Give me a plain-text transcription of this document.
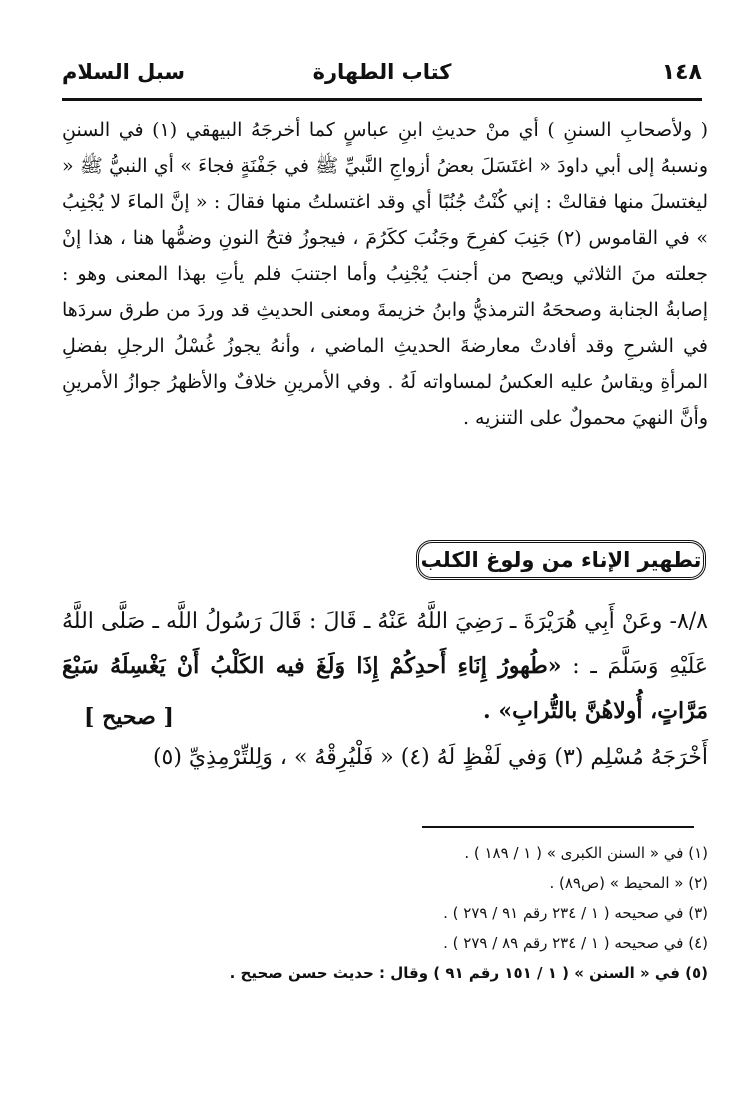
١٤٨
كتاب الطهارة
سبل السلام

( ولأصحابِ السننِ ) أي منْ حديثِ ابنِ عباسٍ كما أخرجَهُ البيهقي (١) في السننِ ونسبهُ إلى أبي داودَ « اغتَسَلَ بعضُ أزواجِ النَّبيِّ ﷺ في جَفْنَةٍ فجاءَ » أي النبيُّ ﷺ « ليغتسلَ منها فقالتْ : إني كُنْتُ جُنُبًا أي وقد اغتسلتُ منها فقالَ : « إنَّ الماءَ لا يُجْنِبُ » في القاموس (٢) جَنِبَ كفرِحَ وجَنُبَ ككَرُمَ ، فيجوزُ فتحُ النونِ وضمُّها هنا ، هذا إنْ جعلته منَ الثلاثي ويصح من أجنبَ يُجْنِبُ وأما اجتنبَ فلم يأتِ بهذا المعنى وهو : إصابةُ الجنابة وصححَهُ الترمذيُّ وابنُ خزيمةَ ومعنى الحديثِ قد وردَ من طرق سردَها في الشرحِ وقد أفادتْ معارضةَ الحديثِ الماضي ، وأنهُ يجوزُ غُسْلُ الرجلِ بفضلِ المرأةِ ويقاسُ عليه العكسُ لمساواته لَهُ . وفي الأمرينِ خلافٌ والأظهرُ جوازُ الأمرينِ وأنَّ النهيَ محمولٌ على التنزيه .

تطهير الإناء من ولوغ الكلب

٨/٨- وعَنْ أَبِي هُرَيْرَةَ ـ رَضِيَ اللَّهُ عَنْهُ ـ قَالَ : قَالَ رَسُولُ اللَّه ـ صَلَّى اللَّهُ عَلَيْهِ وَسَلَّمَ ـ : «طُهورُ إِنَاءِ أَحدِكُمْ إِذَا وَلَغَ فيه الكَلْبُ أَنْ يَغْسِلَهُ سَبْعَ مَرَّاتٍ، أُولاهُنَّ بالتُّرابِ» .

[ صحيح ]
أَخْرَجَهُ مُسْلِم (٣) وَفي لَفْظٍ لَهُ (٤) « فَلْيُرِقْهُ » ، وَلِلتِّرْمِذِيِّ (٥)
(١) في « السنن الكبرى » ( ١ / ١٨٩ ) .
(٢) « المحيط » (ص٨٩) .
(٣) في صحيحه ( ١ / ٢٣٤ رقم ٩١ / ٢٧٩ ) .
(٤) في صحيحه ( ١ / ٢٣٤ رقم ٨٩ / ٢٧٩ ) .
(٥) في « السنن » ( ١ / ١٥١ رقم ٩١ ) وقال : حديث حسن صحيح .
